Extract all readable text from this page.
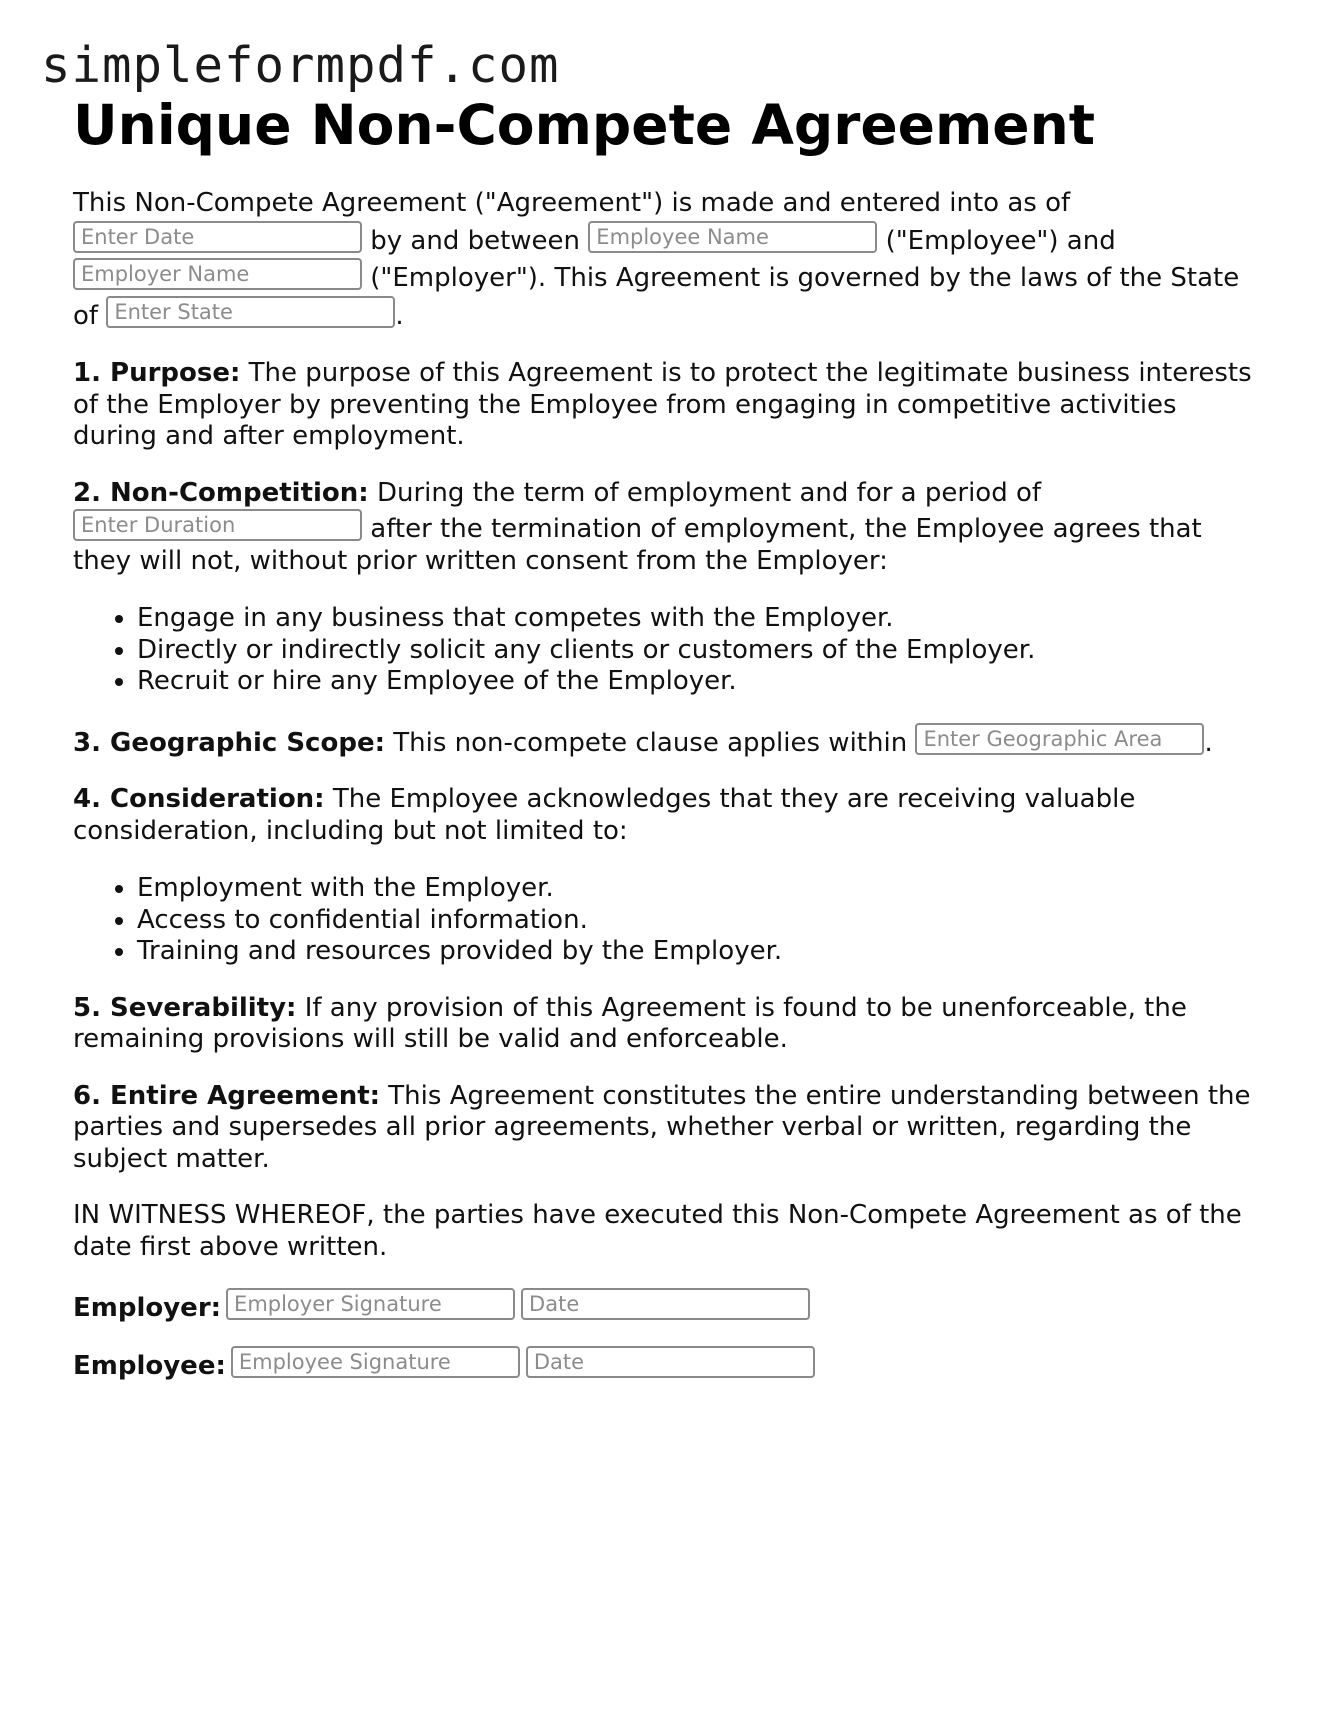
simpleformpdf.com
Unique Non-Compete Agreement

This Non-Compete Agreement ("Agreement") is made and entered into as of Enter Date	by and between Employee Name	("Employee") and Employer Name	("Employer"). This Agreement is governed by the laws of the State of Enter State	.

1. Purpose: The purpose of this Agreement is to protect the legitimate business interests of the Employer by preventing the Employee from engaging in competitive activities during and after employment.

2. Non-Competition: During the term of employment and for a period of Enter Duration	after the termination of employment, the Employee agrees that they will not, without prior written consent from the Employer:

• Engage in any business that competes with the Employer.
• Directly or indirectly solicit any clients or customers of the Employer.
• Recruit or hire any Employee of the Employer.

3. Geographic Scope: This non-compete clause applies within Enter Geographic Area .

4. Consideration: The Employee acknowledges that they are receiving valuable consideration, including but not limited to:

• Employment with the Employer.
• Access to confidential information.
• Training and resources provided by the Employer.

5. Severability: If any provision of this Agreement is found to be unenforceable, the remaining provisions will still be valid and enforceable.

6. Entire Agreement: This Agreement constitutes the entire understanding between the parties and supersedes all prior agreements, whether verbal or written, regarding the subject matter.

IN WITNESS WHEREOF, the parties have executed this Non-Compete Agreement as of the date first above written.

Employer: Employer Signature	Date
Employee: Employee Signature	Date
